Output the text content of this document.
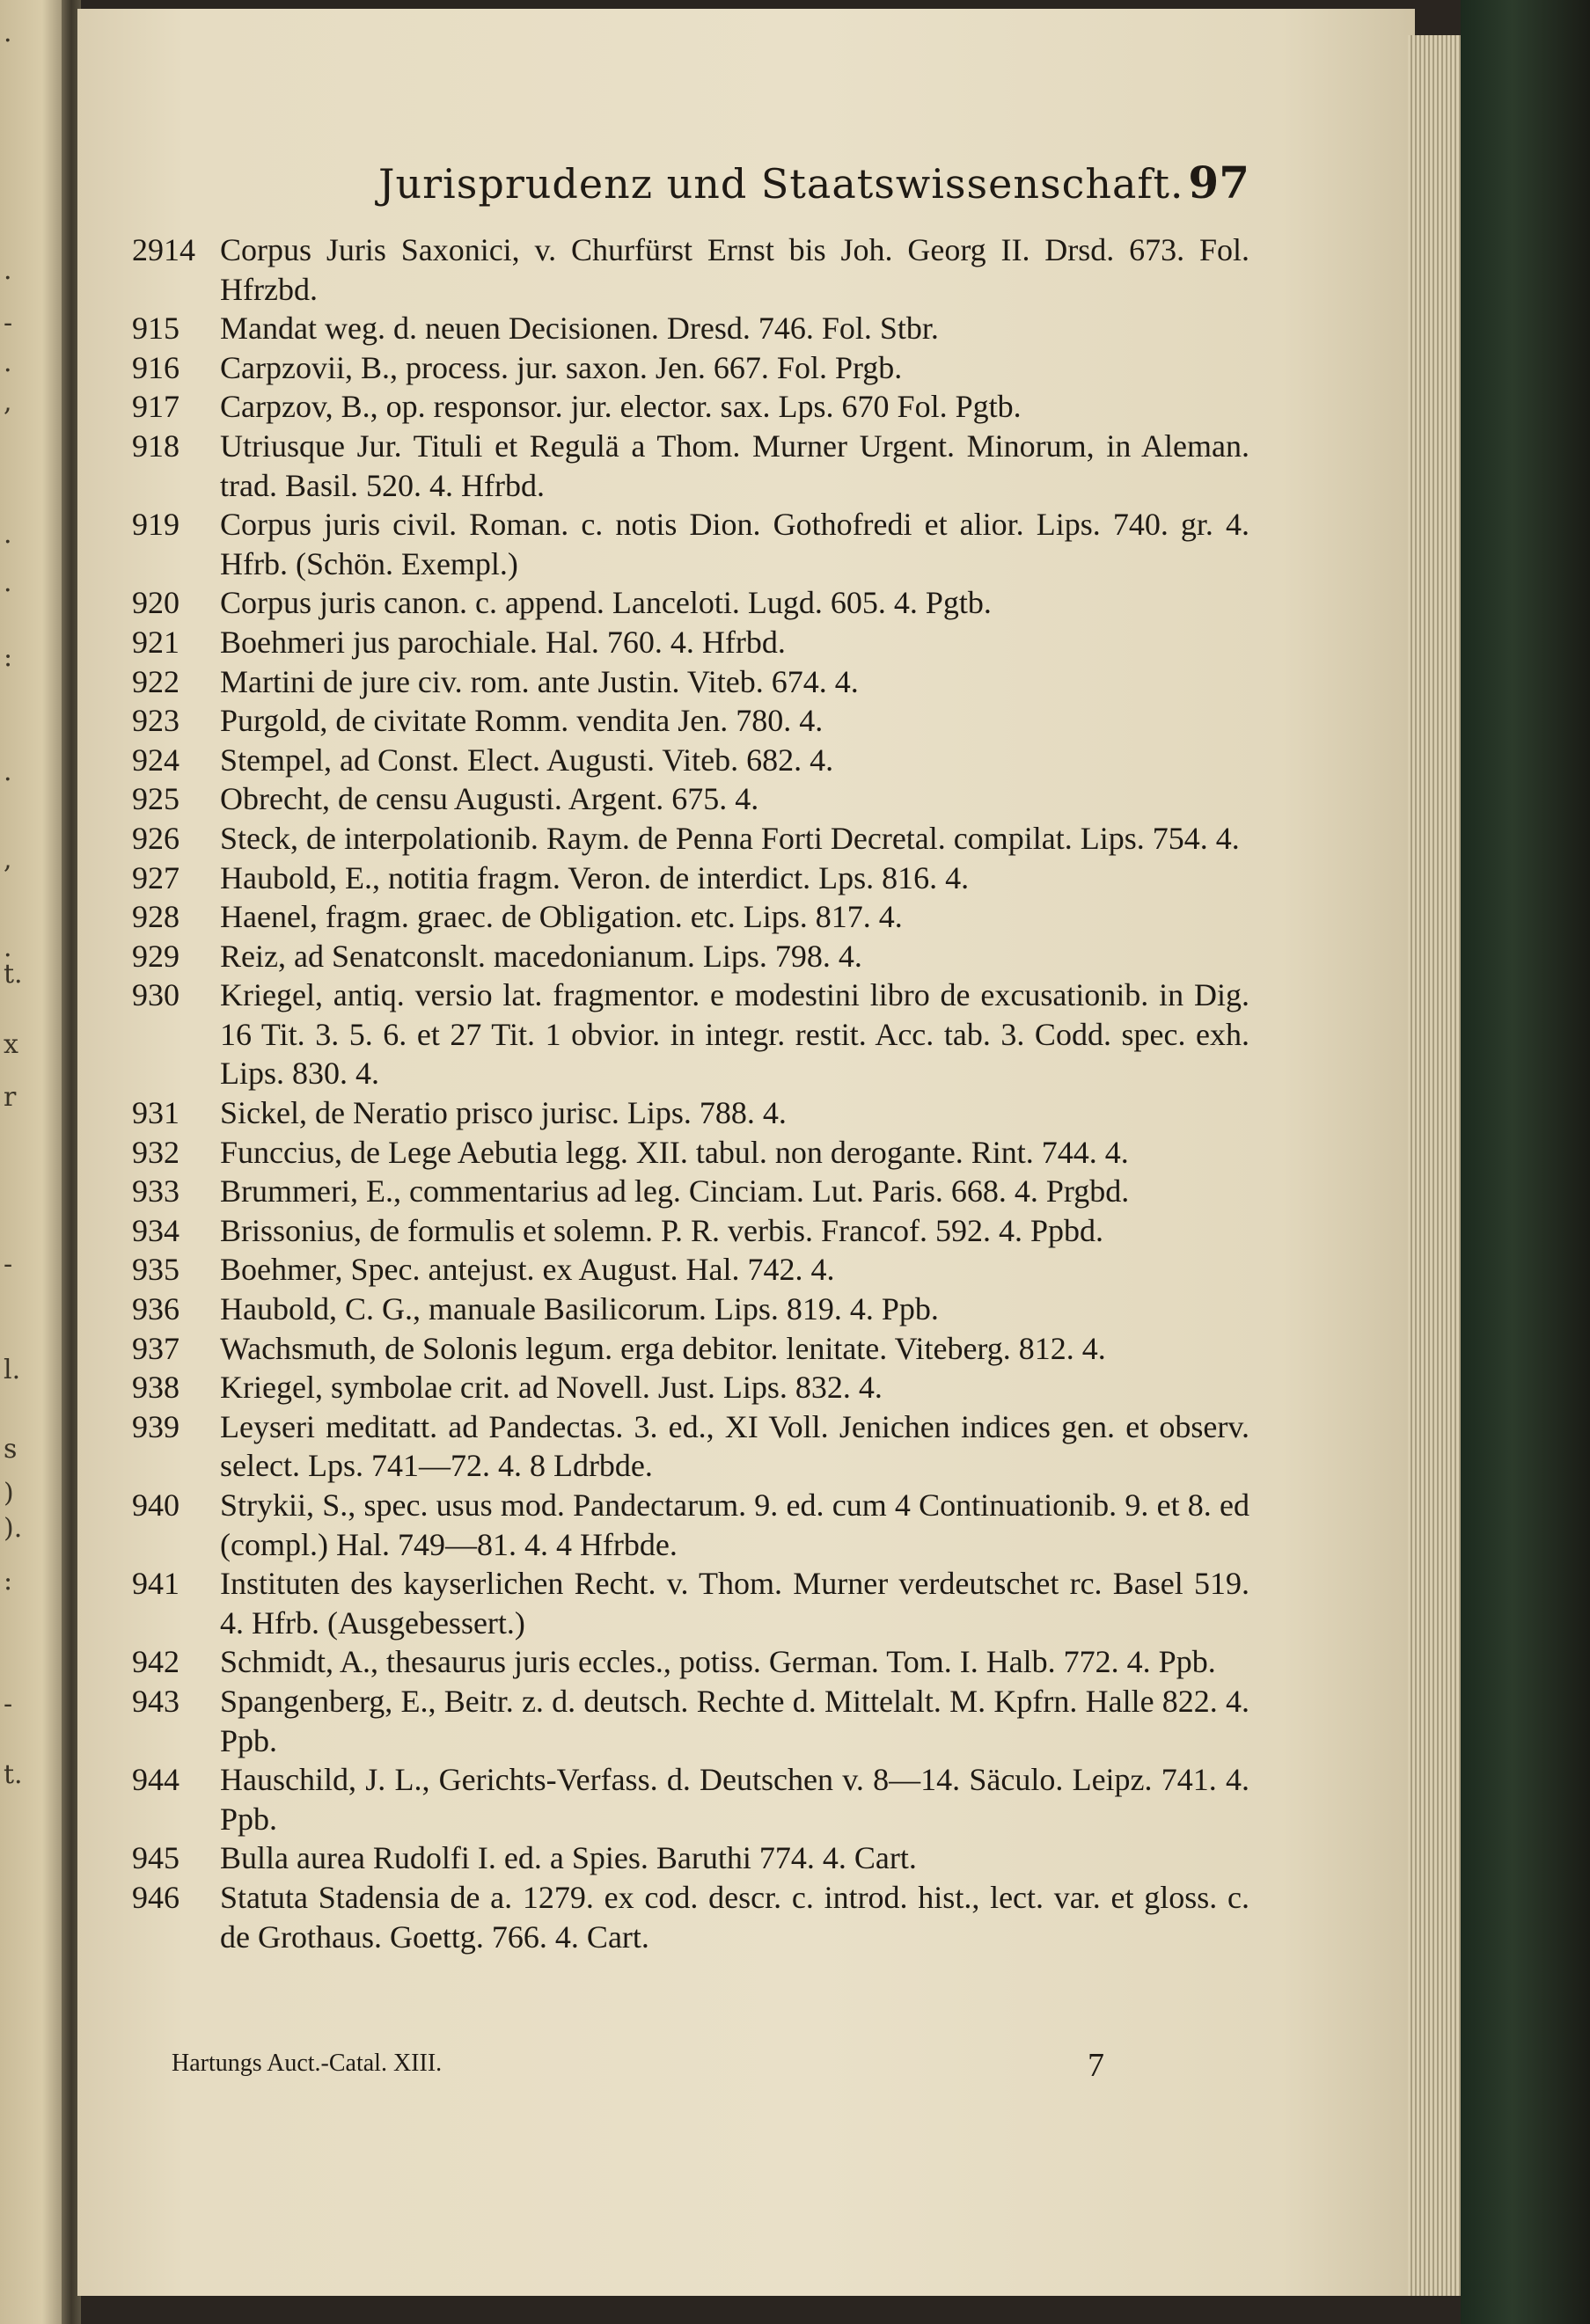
.
.
-
.
,
.
.
:
.
,
.
t.
x
r
-
l.
s
)
).
:
-
t.
Jurisprudenz und Staatswissenschaft. 97
2914 Corpus Juris Saxonici, v. Churfürst Ernst bis Joh. Georg II. Drsd. 673. Fol. Hfrzbd.
915	Mandat weg. d. neuen Decisionen. Dresd. 746. Fol. Stbr.
916	Carpzovii, B., process. jur. saxon. Jen. 667. Fol. Prgb.
917	Carpzov, B., op. responsor. jur. elector. sax. Lps. 670 Fol. Pgtb.
918	Utriusque Jur. Tituli et Regulä a Thom. Murner Urgent. Minorum, in Aleman. trad. Basil. 520. 4. Hfrbd.
919	Corpus juris civil. Roman. c. notis Dion. Gothofredi et alior. Lips. 740. gr. 4. Hfrb. (Schön. Exempl.)
920	Corpus juris canon. c. append. Lanceloti. Lugd. 605. 4. Pgtb.
921	Boehmeri jus parochiale. Hal. 760. 4. Hfrbd.
922	Martini de jure civ. rom. ante Justin. Viteb. 674. 4.
923	Purgold, de civitate Romm. vendita Jen. 780. 4.
924	Stempel, ad Const. Elect. Augusti. Viteb. 682. 4.
925	Obrecht, de censu Augusti. Argent. 675. 4.
926	Steck, de interpolationib. Raym. de Penna Forti Decretal. compilat. Lips. 754. 4.
927	Haubold, E., notitia fragm. Veron. de interdict. Lps. 816. 4.
928	Haenel, fragm. graec. de Obligation. etc. Lips. 817. 4.
929	Reiz, ad Senatconslt. macedonianum. Lips. 798. 4.
930	Kriegel, antiq. versio lat. fragmentor. e modestini libro de excusationib. in Dig. 16 Tit. 3. 5. 6. et 27 Tit. 1 obvior. in integr. restit. Acc. tab. 3. Codd. spec. exh. Lips. 830. 4.
931	Sickel, de Neratio prisco jurisc. Lips. 788. 4.
932	Funccius, de Lege Aebutia legg. XII. tabul. non derogante. Rint. 744. 4.
933	Brummeri, E., commentarius ad leg. Cinciam. Lut. Paris. 668. 4. Prgbd.
934	Brissonius, de formulis et solemn. P. R. verbis. Francof. 592. 4. Ppbd.
935	Boehmer, Spec. antejust. ex August. Hal. 742. 4.
936	Haubold, C. G., manuale Basilicorum. Lips. 819. 4. Ppb.
937	Wachsmuth, de Solonis legum. erga debitor. lenitate. Viteberg. 812. 4.
938	Kriegel, symbolae crit. ad Novell. Just. Lips. 832. 4.
939	Leyseri meditatt. ad Pandectas. 3. ed., XI Voll. Jenichen indices gen. et observ. select. Lps. 741—72. 4. 8 Ldrbde.
940	Strykii, S., spec. usus mod. Pandectarum. 9. ed. cum 4 Continuationib. 9. et 8. ed (compl.) Hal. 749—81. 4. 4 Hfrbde.
941	Instituten des kayserlichen Recht. v. Thom. Murner verdeutschet rc. Basel 519. 4. Hfrb. (Ausgebessert.)
942	Schmidt, A., thesaurus juris eccles., potiss. German. Tom. I. Halb. 772. 4. Ppb.
943	Spangenberg, E., Beitr. z. d. deutsch. Rechte d. Mittelalt. M. Kpfrn. Halle 822. 4. Ppb.
944	Hauschild, J. L., Gerichts-Verfass. d. Deutschen v. 8—14. Säculo. Leipz. 741. 4. Ppb.
945	Bulla aurea Rudolfi I. ed. a Spies. Baruthi 774. 4. Cart.
946	Statuta Stadensia de a. 1279. ex cod. descr. c. introd. hist., lect. var. et gloss. c. de Grothaus. Goettg. 766. 4. Cart.
Hartungs Auct.-Catal. XIII.	7
